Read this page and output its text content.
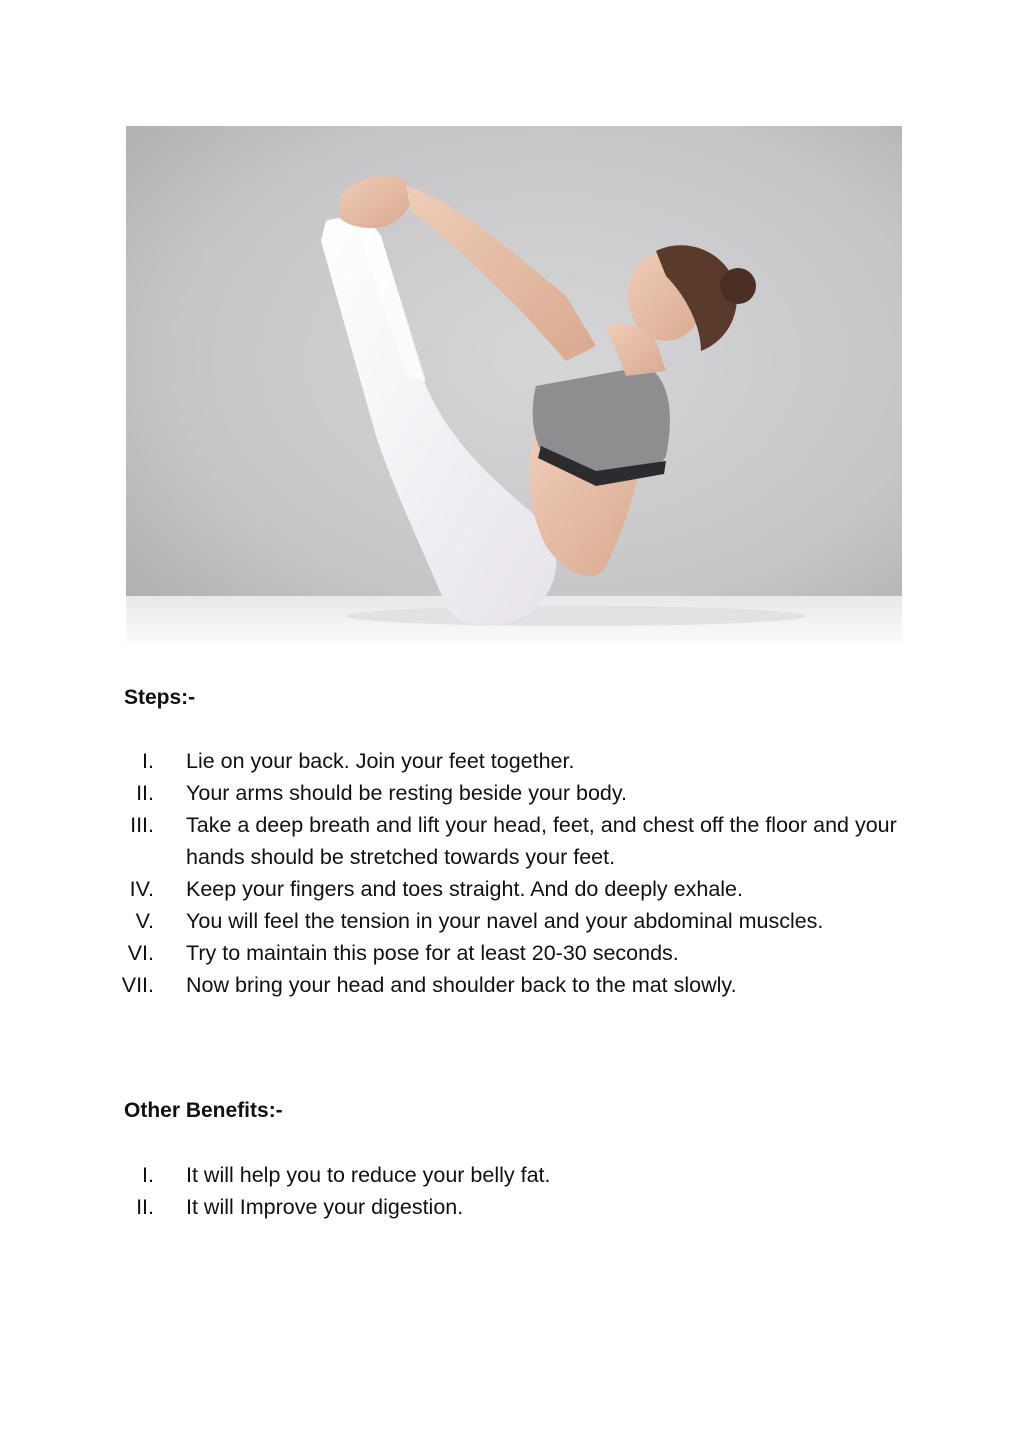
Steps:-
I. Lie on your back. Join your feet together.
II. Your arms should be resting beside your body.
III. Take a deep breath and lift your head, feet, and chest off the floor and your hands should be stretched towards your feet.
IV. Keep your fingers and toes straight. And do deeply exhale.
V. You will feel the tension in your navel and your abdominal muscles.
VI. Try to maintain this pose for at least 20-30 seconds.
VII. Now bring your head and shoulder back to the mat slowly.
Other Benefits:-
I. It will help you to reduce your belly fat.
II. It will Improve your digestion.
